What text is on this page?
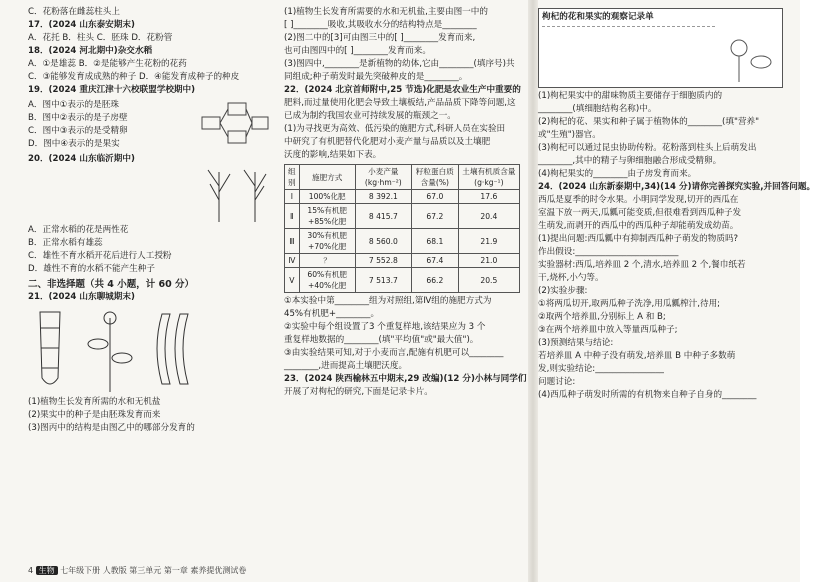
C．花粉落在雌蕊柱头上
17．(2024 山东泰安期末)
A．花托 B．柱头 C．胚珠 D．花粉管
18．(2024 河北期中)杂交水稻
A．①是雄蕊 B．②是能够产生花粉的花药
C．③能够发育成成熟的种子 D．④能发育成种子的种皮
19．(2024 重庆江津十六校联盟学校期中)
A．图中①表示的是胚珠
B．图中②表示的是子房壁
C．图中③表示的是受精卵
D．图中④表示的是果实
20．(2024 山东临沂期中)
A．正常水稻的花是两性花
B．正常水稻有雄蕊
C．雄性不育水稻开花后进行人工授粉
D．雄性不育的水稻不能产生种子
二、非选择题（共 4 小题，计 60 分）
21．(2024 山东聊城期末)
(1)植物生长发育所需的水和无机盐
(2)果实中的种子是由胚珠发育而来
(3)图丙中的结构是由图乙中的哪部分发育的
(1)植物生长发育所需要的水和无机盐,主要由图一中的
[ ]________吸收,其吸收水分的结构特点是________
(2)图二中的[3]可由图三中的[ ]________发育而来,
也可由图四中的[ ]________发育而来。
(3)图四中,________是新植物的幼体,它由________(填序号)共
同组成;种子萌发时最先突破种皮的是________。
22．(2024 北京首师附中,25 节选)化肥是农业生产中重要的
肥料,而过量使用化肥会导致土壤板结,产品品质下降等问题,这
已成为制约我国农业可持续发展的瓶颈之一。
(1)为寻找更为高效、低污染的施肥方式,科研人员在实验田
中研究了有机肥替代化肥对小麦产量与品质以及土壤肥
沃度的影响,结果如下表。
组别	施肥方式	小麦产量(kg·hm⁻²)	籽粒蛋白质含量(%)	土壤有机质含量(g·kg⁻¹)
Ⅰ	100%化肥	8 392.1	67.0	17.6
Ⅱ	15%有机肥+85%化肥	8 415.7	67.2	20.4
Ⅲ	30%有机肥+70%化肥	8 560.0	68.1	21.9
Ⅳ	？	7 552.8	67.4	21.0
Ⅴ	60%有机肥+40%化肥	7 513.7	66.2	20.5
①本实验中第________组为对照组,第Ⅳ组的施肥方式为
45%有机肥+________。
②实验中每个组设置了3 个重复样地,该结果应为 3 个
重复样地数据的________(填"平均值"或"最大值")。
③由实验结果可知,对于小麦而言,配施有机肥可以________
________,进而提高土壤肥沃度。
23．(2024 陕西榆林五中期末,29 改编)(12 分)小林与同学们
开展了对枸杞的研究,下面是记录卡片。
枸杞的花和果实的观察记录单
(1)枸杞果实中的甜味物质主要储存于细胞质内的
________(填细胞结构名称)中。
(2)枸杞的花、果实和种子属于植物体的________(填"营养"
或"生殖")器官。
(3)枸杞可以通过昆虫协助传粉。花粉落到柱头上后萌发出
________,其中的精子与卵细胞融合形成受精卵。
(4)枸杞果实的________由子房发育而来。
24．(2024 山东新泰期中,34)(14 分)请你完善探究实验,并回答问题。
西瓜是夏季的时令水果。小明同学发现,切开的西瓜在
室温下放一两天,瓜瓤可能变质,但很难看到西瓜种子发
生萌发,而剥开的西瓜中的西瓜种子却能萌发成幼苗。
(1)提出问题:西瓜瓤中有抑制西瓜种子萌发的物质吗?
作出假设:________________________
实验器材:西瓜,培养皿 2 个,清水,培养皿 2 个,餐巾纸若
干,烧杯,小勺等。
(2)实验步骤:
①将两瓜切开,取两瓜种子洗净,用瓜瓤榨汁,待用;
②取两个培养皿,分别标上 A 和 B;
③在两个培养皿中放入等量西瓜种子;
(3)预测结果与结论:
若培养皿 A 中种子没有萌发,培养皿 B 中种子多数萌
发,则实验结论:________________
问题讨论:
(4)西瓜种子萌发时所需的有机物来自种子自身的________
4 生物 七年级下册 人教版 第三单元 第一章 素养提优测试卷
